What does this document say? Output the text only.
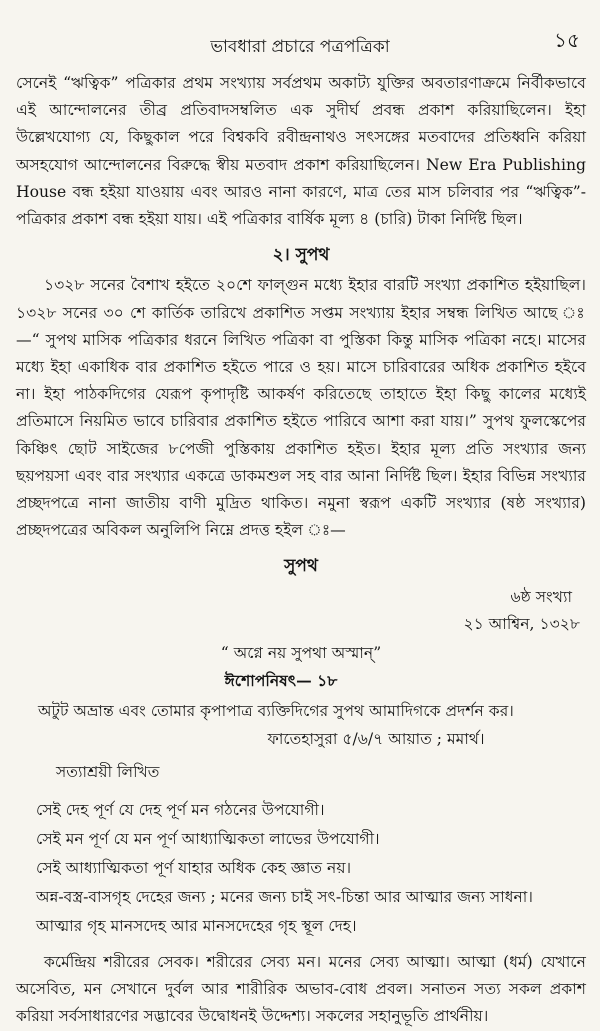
ভাবধারা প্রচারে পত্রপত্রিকা	১৫

সেনেই “ঋত্বিক” পত্রিকার প্রথম সংখ্যায় সর্বপ্রথম অকাট্য যুক্তির অবতারণাক্রমে নির্বীকভাবে এই আন্দোলনের তীব্র প্রতিবাদসম্বলিত এক সুদীর্ঘ প্রবন্ধ প্রকাশ করিয়াছিলেন। ইহা উল্লেখযোগ্য যে, কিছুকাল পরে বিশ্বকবি রবীন্দ্রনাথও সৎসঙ্গের মতবাদের প্রতিধ্বনি করিয়া অসহযোগ আন্দোলনের বিরুদ্ধে স্বীয় মতবাদ প্রকাশ করিয়াছিলেন। New Era Publishing House বন্ধ হইয়া যাওয়ায় এবং আরও নানা কারণে, মাত্র তের মাস চলিবার পর “ঋত্বিক”- পত্রিকার প্রকাশ বন্ধ হইয়া যায়। এই পত্রিকার বার্ষিক মূল্য ৪ (চারি) টাকা নির্দিষ্ট ছিল।

২। সুপথ

১৩২৮ সনের বৈশাখ হইতে ২০শে ফাল্গুন মধ্যে ইহার বারটি সংখ্যা প্রকাশিত হইয়াছিল। ১৩২৮ সনের ৩০ শে কার্তিক তারিখে প্রকাশিত সপ্তম সংখ্যায় ইহার সম্বন্ধ লিখিত আছে ঃ—“ সুপথ মাসিক পত্রিকার ধরনে লিখিত পত্রিকা বা পুস্তিকা কিন্তু মাসিক পত্রিকা নহে। মাসের মধ্যে ইহা একাধিক বার প্রকাশিত হইতে পারে ও হয়। মাসে চারিবারের অধিক প্রকাশিত হইবে না। ইহা পাঠকদিগের যেরূপ কৃপাদৃষ্টি আকর্ষণ করিতেছে তাহাতে ইহা কিছু কালের মধ্যেই প্রতিমাসে নিয়মিত ভাবে চারিবার প্রকাশিত হইতে পারিবে আশা করা যায়।” সুপথ ফুলস্কেপের কিঞ্চিৎ ছোট সাইজের ৮পেজী পুস্তিকায় প্রকাশিত হইত। ইহার মূল্য প্রতি সংখ্যার জন্য ছয়পয়সা এবং বার সংখ্যার একত্রে ডাকমশুল সহ বার আনা নির্দিষ্ট ছিল। ইহার বিভিন্ন সংখ্যার প্রচ্ছদপত্রে নানা জাতীয় বাণী মুদ্রিত থাকিত। নমুনা স্বরূপ একটি সংখ্যার (ষষ্ঠ সংখ্যার) প্রচ্ছদপত্রের অবিকল অনুলিপি নিম্নে প্রদত্ত হইল ঃ—

সুপথ
৬ষ্ঠ সংখ্যা
২১ আশ্বিন, ১৩২৮
“ অগ্নে নয় সুপথা অস্মান্”
ঈশোপনিষৎ— ১৮
অটুট অভ্রান্ত এবং তোমার কৃপাপাত্র ব্যক্তিদিগের সুপথ আমাদিগকে প্রদর্শন কর।
ফাতেহাসুরা ৫/৬/৭ আয়াত ; মমার্থ।
সত্যাশ্রয়ী লিখিত
সেই দেহ পূর্ণ যে দেহ পূর্ণ মন গঠনের উপযোগী।
সেই মন পূর্ণ যে মন পূর্ণ আধ্যাত্মিকতা লাভের উপযোগী।
সেই আধ্যাত্মিকতা পূর্ণ যাহার অধিক কেহ জ্ঞাত নয়।
অন্ন-বস্ত্র-বাসগৃহ দেহের জন্য ; মনের জন্য চাই সৎ-চিন্তা আর আত্মার জন্য সাধনা।
আত্মার গৃহ মানসদেহ আর মানসদেহের গৃহ স্থূল দেহ।

কর্মেন্দ্রিয় শরীরের সেবক। শরীরের সেব্য মন। মনের সেব্য আত্মা। আত্মা (ধর্ম) যেখানে অসেবিত, মন সেখানে দুর্বল আর শারীরিক অভাব-বোধ প্রবল। সনাতন সত্য সকল প্রকাশ করিয়া সর্বসাধারণের সদ্ভাবের উদ্বোধনই উদ্দেশ্য। সকলের সহানুভূতি প্রার্থনীয়।
